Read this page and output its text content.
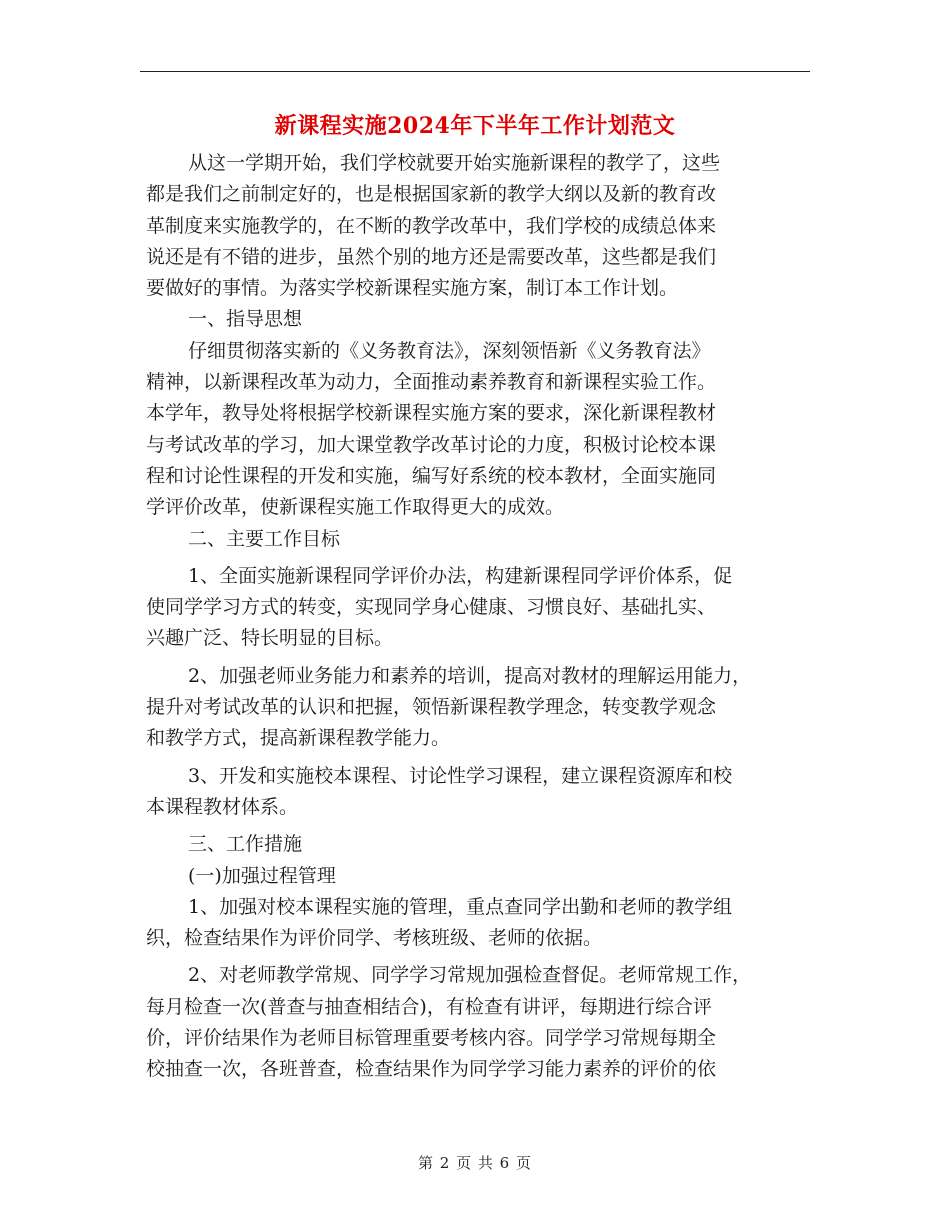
新课程实施2024年下半年工作计划范文
从这一学期开始，我们学校就要开始实施新课程的教学了，这些
都是我们之前制定好的，也是根据国家新的教学大纲以及新的教育改
革制度来实施教学的，在不断的教学改革中，我们学校的成绩总体来
说还是有不错的进步，虽然个别的地方还是需要改革，这些都是我们
要做好的事情。为落实学校新课程实施方案，制订本工作计划。
一、指导思想
仔细贯彻落实新的《义务教育法》，深刻领悟新《义务教育法》
精神，以新课程改革为动力，全面推动素养教育和新课程实验工作。
本学年，教导处将根据学校新课程实施方案的要求，深化新课程教材
与考试改革的学习，加大课堂教学改革讨论的力度，积极讨论校本课
程和讨论性课程的开发和实施，编写好系统的校本教材，全面实施同
学评价改革，使新课程实施工作取得更大的成效。
二、主要工作目标
1、全面实施新课程同学评价办法，构建新课程同学评价体系，促
使同学学习方式的转变，实现同学身心健康、习惯良好、基础扎实、
兴趣广泛、特长明显的目标。
2、加强老师业务能力和素养的培训，提高对教材的理解运用能力，
提升对考试改革的认识和把握，领悟新课程教学理念，转变教学观念
和教学方式，提高新课程教学能力。
3、开发和实施校本课程、讨论性学习课程，建立课程资源库和校
本课程教材体系。
三、工作措施
(一)加强过程管理
1、加强对校本课程实施的管理，重点查同学出勤和老师的教学组
织，检查结果作为评价同学、考核班级、老师的依据。
2、对老师教学常规、同学学习常规加强检查督促。老师常规工作，
每月检查一次(普查与抽查相结合)，有检查有讲评，每期进行综合评
价，评价结果作为老师目标管理重要考核内容。同学学习常规每期全
校抽查一次，各班普查，检查结果作为同学学习能力素养的评价的依
第 2 页 共 6 页
